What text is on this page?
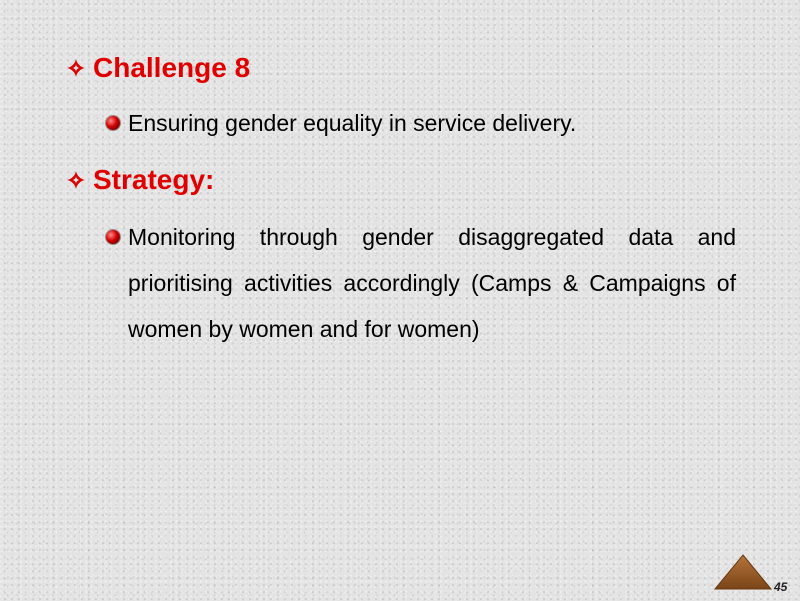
Challenge 8
Ensuring gender equality in service delivery.
Strategy:
Monitoring through gender disaggregated data and prioritising activities accordingly (Camps & Campaigns of women by women and for women)
45
